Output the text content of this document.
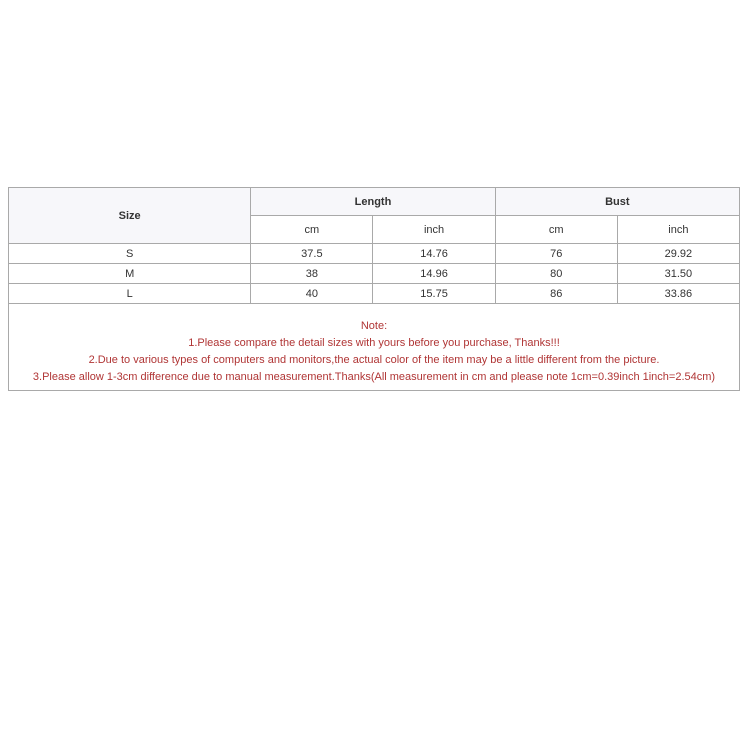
Size	Length		Bust	
	cm	inch	cm	inch
S	37.5	14.76	76	29.92
M	38	14.96	80	31.50
L	40	15.75	86	33.86
Note:
1.Please compare the detail sizes with yours before you purchase, Thanks!!!
2.Due to various types of computers and monitors,the actual color of the item may be a little different from the picture.
3.Please allow 1-3cm difference due to manual measurement.Thanks(All measurement in cm and please note 1cm=0.39inch 1inch=2.54cm)
